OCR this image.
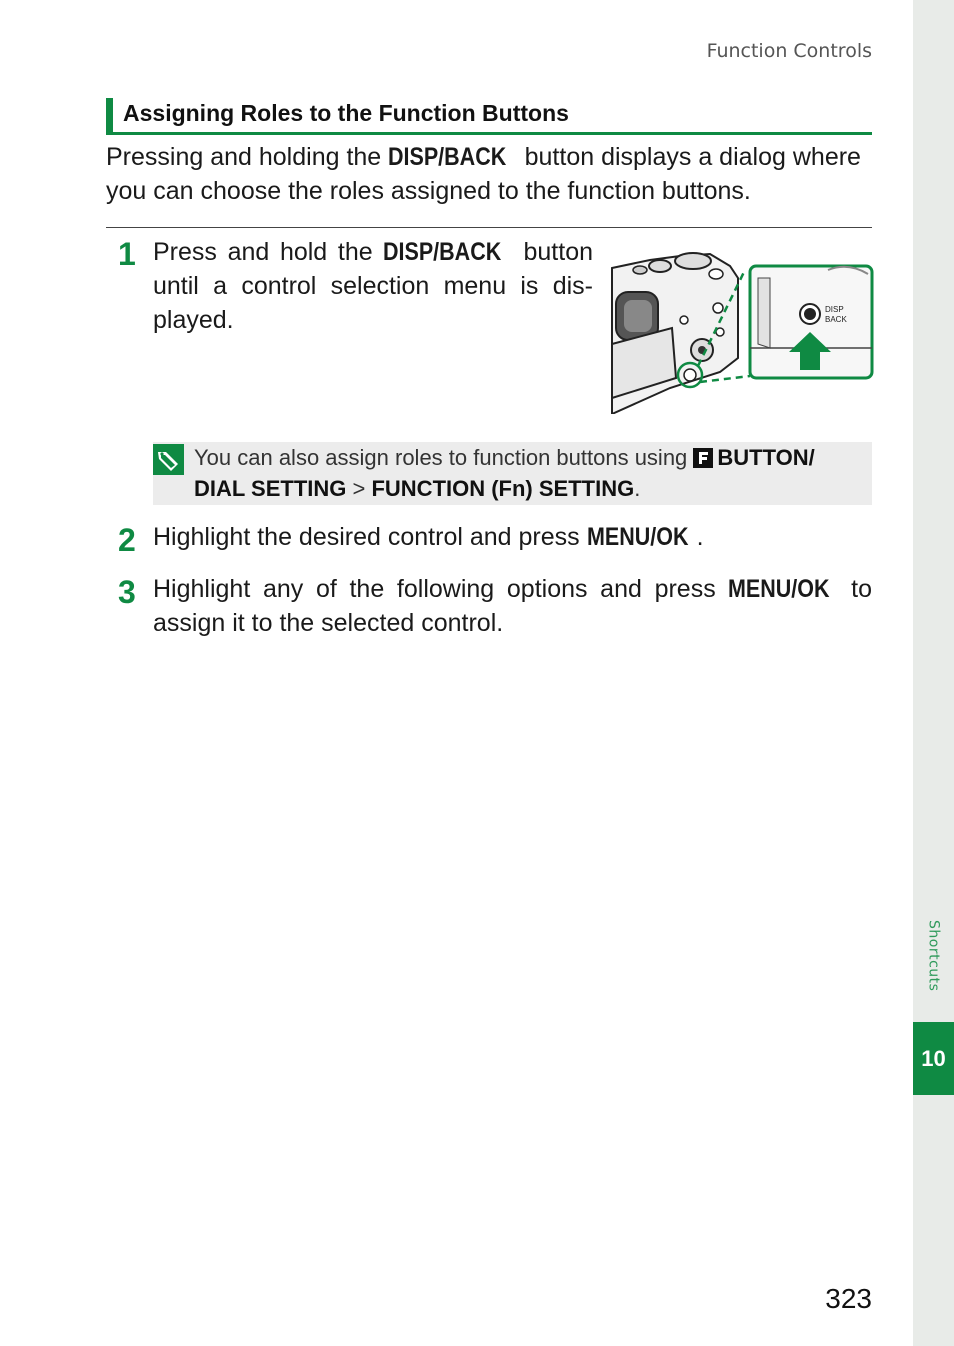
Shortcuts
10
Function Controls
Assigning Roles to the Function Buttons
Pressing and holding the DISP/BACK button displays a dialog where you can choose the roles assigned to the function buttons.
1 Press and hold the DISP/BACK button until a control selection menu is displayed.	DISP
BACK
You can also assign roles to function buttons using BUTTON/ DIAL SETTING > FUNCTION (Fn) SETTING.
2 Highlight the desired control and press MENU/OK .
3 Highlight any of the following options and press MENU/OK to assign it to the selected control.
323
